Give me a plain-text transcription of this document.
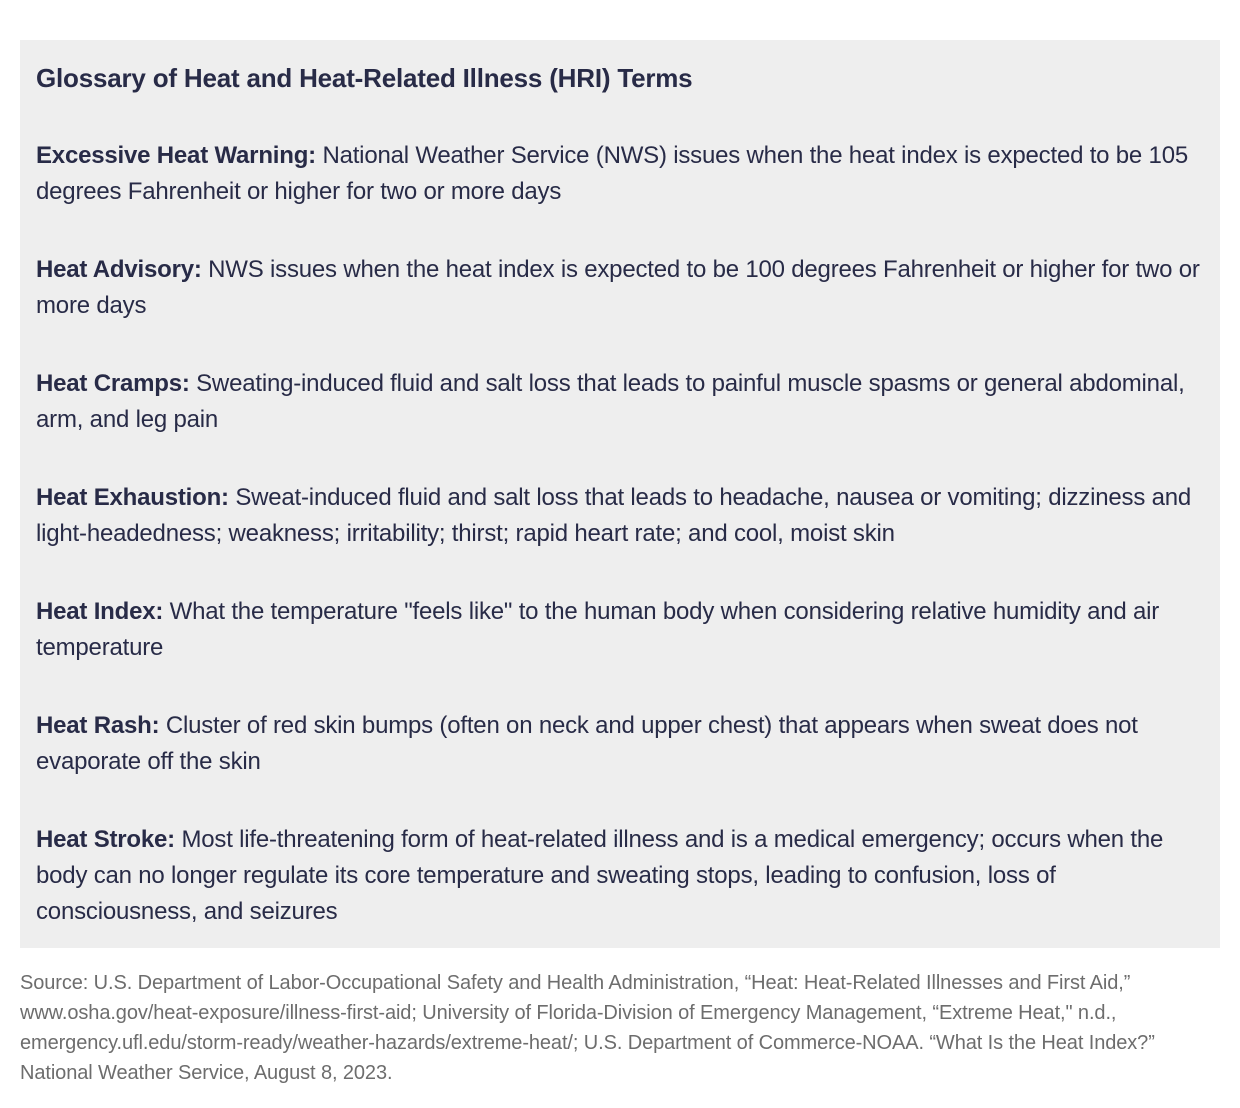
Glossary of Heat and Heat-Related Illness (HRI) Terms

Excessive Heat Warning: National Weather Service (NWS) issues when the heat index is expected to be 105 degrees Fahrenheit or higher for two or more days

Heat Advisory: NWS issues when the heat index is expected to be 100 degrees Fahrenheit or higher for two or more days

Heat Cramps: Sweating-induced fluid and salt loss that leads to painful muscle spasms or general abdominal, arm, and leg pain

Heat Exhaustion: Sweat-induced fluid and salt loss that leads to headache, nausea or vomiting; dizziness and light-headedness; weakness; irritability; thirst; rapid heart rate; and cool, moist skin

Heat Index: What the temperature "feels like" to the human body when considering relative humidity and air temperature

Heat Rash: Cluster of red skin bumps (often on neck and upper chest) that appears when sweat does not evaporate off the skin

Heat Stroke: Most life-threatening form of heat-related illness and is a medical emergency; occurs when the body can no longer regulate its core temperature and sweating stops, leading to confusion, loss of consciousness, and seizures

Source: U.S. Department of Labor-Occupational Safety and Health Administration, “Heat: Heat-Related Illnesses and First Aid,” www.osha.gov/heat-exposure/illness-first-aid; University of Florida-Division of Emergency Management, “Extreme Heat," n.d., emergency.ufl.edu/storm-ready/weather-hazards/extreme-heat/; U.S. Department of Commerce-NOAA. “What Is the Heat Index?” National Weather Service, August 8, 2023.
